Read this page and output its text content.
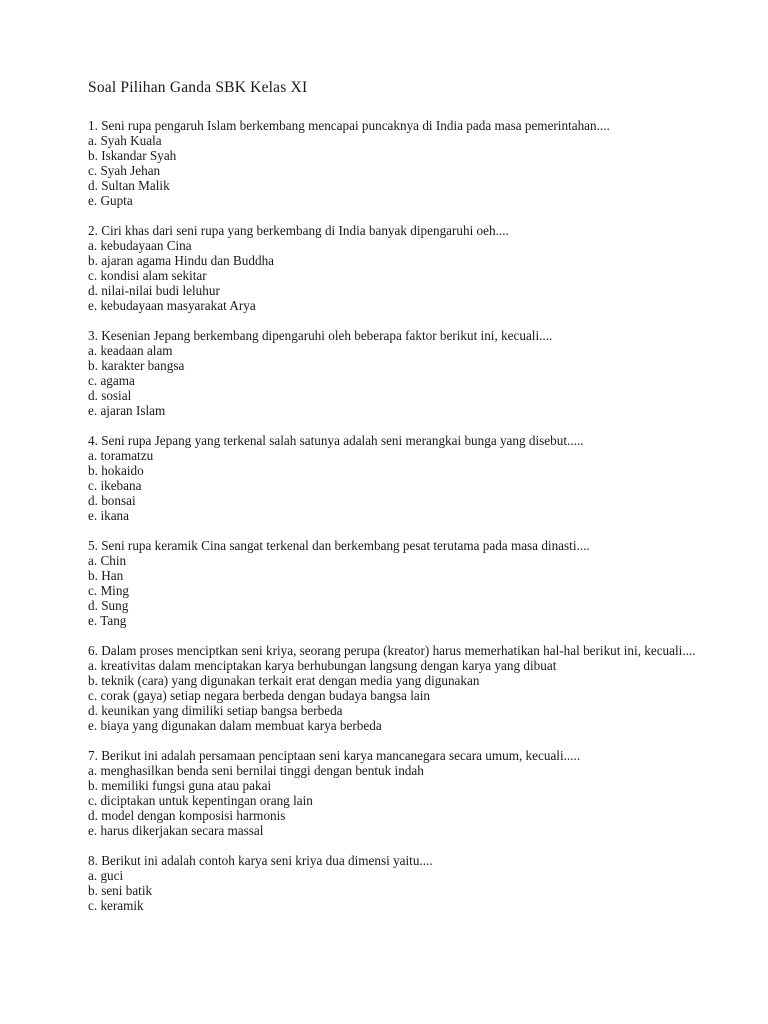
Soal Pilihan Ganda SBK Kelas XI

1. Seni rupa pengaruh Islam berkembang mencapai puncaknya di India pada masa pemerintahan....

a. Syah Kuala
b. Iskandar Syah
c. Syah Jehan
d. Sultan Malik
e. Gupta

2. Ciri khas dari seni rupa yang berkembang di India banyak dipengaruhi oeh....

a. kebudayaan Cina
b. ajaran agama Hindu dan Buddha
c. kondisi alam sekitar
d. nilai-nilai budi leluhur
e. kebudayaan masyarakat Arya

3. Kesenian Jepang berkembang dipengaruhi oleh beberapa faktor berikut ini, kecuali....

a. keadaan alam
b. karakter bangsa
c. agama
d. sosial
e. ajaran Islam

4. Seni rupa Jepang yang terkenal salah satunya adalah seni merangkai bunga yang disebut.....

a. toramatzu
b. hokaido
c. ikebana
d. bonsai
e. ikana

5. Seni rupa keramik Cina sangat terkenal dan berkembang pesat terutama pada masa dinasti....

a. Chin
b. Han
c. Ming
d. Sung
e. Tang

6. Dalam proses menciptkan seni kriya, seorang perupa (kreator) harus memerhatikan hal-hal berikut ini, kecuali....

a. kreativitas dalam menciptakan karya berhubungan langsung dengan karya yang dibuat
b. teknik (cara) yang digunakan terkait erat dengan media yang digunakan
c. corak (gaya) setiap negara berbeda dengan budaya bangsa lain
d. keunikan yang dimiliki setiap bangsa berbeda
e. biaya yang digunakan dalam membuat karya berbeda

7. Berikut ini adalah persamaan penciptaan seni karya mancanegara secara umum, kecuali.....

a. menghasilkan benda seni bernilai tinggi dengan bentuk indah
b. memiliki fungsi guna atau pakai
c. diciptakan untuk kepentingan orang lain
d. model dengan komposisi harmonis
e. harus dikerjakan secara massal

8. Berikut ini adalah contoh karya seni kriya dua dimensi yaitu....

a. guci
b. seni batik
c. keramik
